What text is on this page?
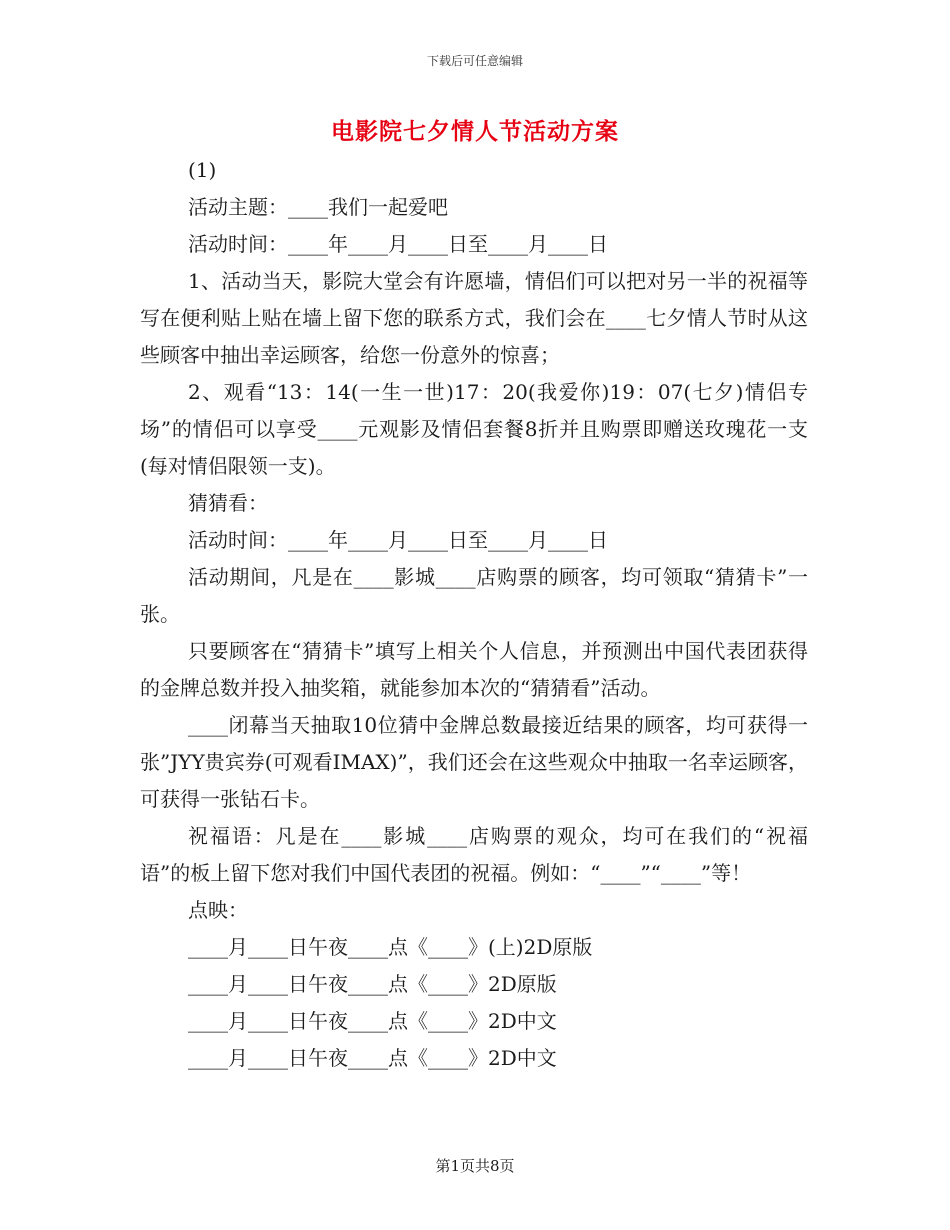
下载后可任意编辑
电影院七夕情人节活动方案

(1)

活动主题：____我们一起爱吧

活动时间：____年____月____日至____月____日

1、活动当天，影院大堂会有许愿墙，情侣们可以把对另一半的祝福等写在便利贴上贴在墙上留下您的联系方式，我们会在____七夕情人节时从这些顾客中抽出幸运顾客，给您一份意外的惊喜；

2、观看“13：14(一生一世)17：20(我爱你)19：07(七夕)情侣专场”的情侣可以享受____元观影及情侣套餐8折并且购票即赠送玫瑰花一支(每对情侣限领一支)。

猜猜看：

活动时间：____年____月____日至____月____日

活动期间，凡是在____影城____店购票的顾客，均可领取“猜猜卡”一张。

只要顾客在“猜猜卡”填写上相关个人信息，并预测出中国代表团获得的金牌总数并投入抽奖箱，就能参加本次的“猜猜看”活动。

____闭幕当天抽取10位猜中金牌总数最接近结果的顾客，均可获得一张”JYY贵宾券(可观看IMAX)”，我们还会在这些观众中抽取一名幸运顾客，可获得一张钻石卡。

祝福语：凡是在____影城____店购票的观众，均可在我们的“祝福语”的板上留下您对我们中国代表团的祝福。例如：“____”“____”等！

点映：

____月____日午夜____点《____》(上)2D原版

____月____日午夜____点《____》2D原版

____月____日午夜____点《____》2D中文

____月____日午夜____点《____》2D中文

第1页共8页
